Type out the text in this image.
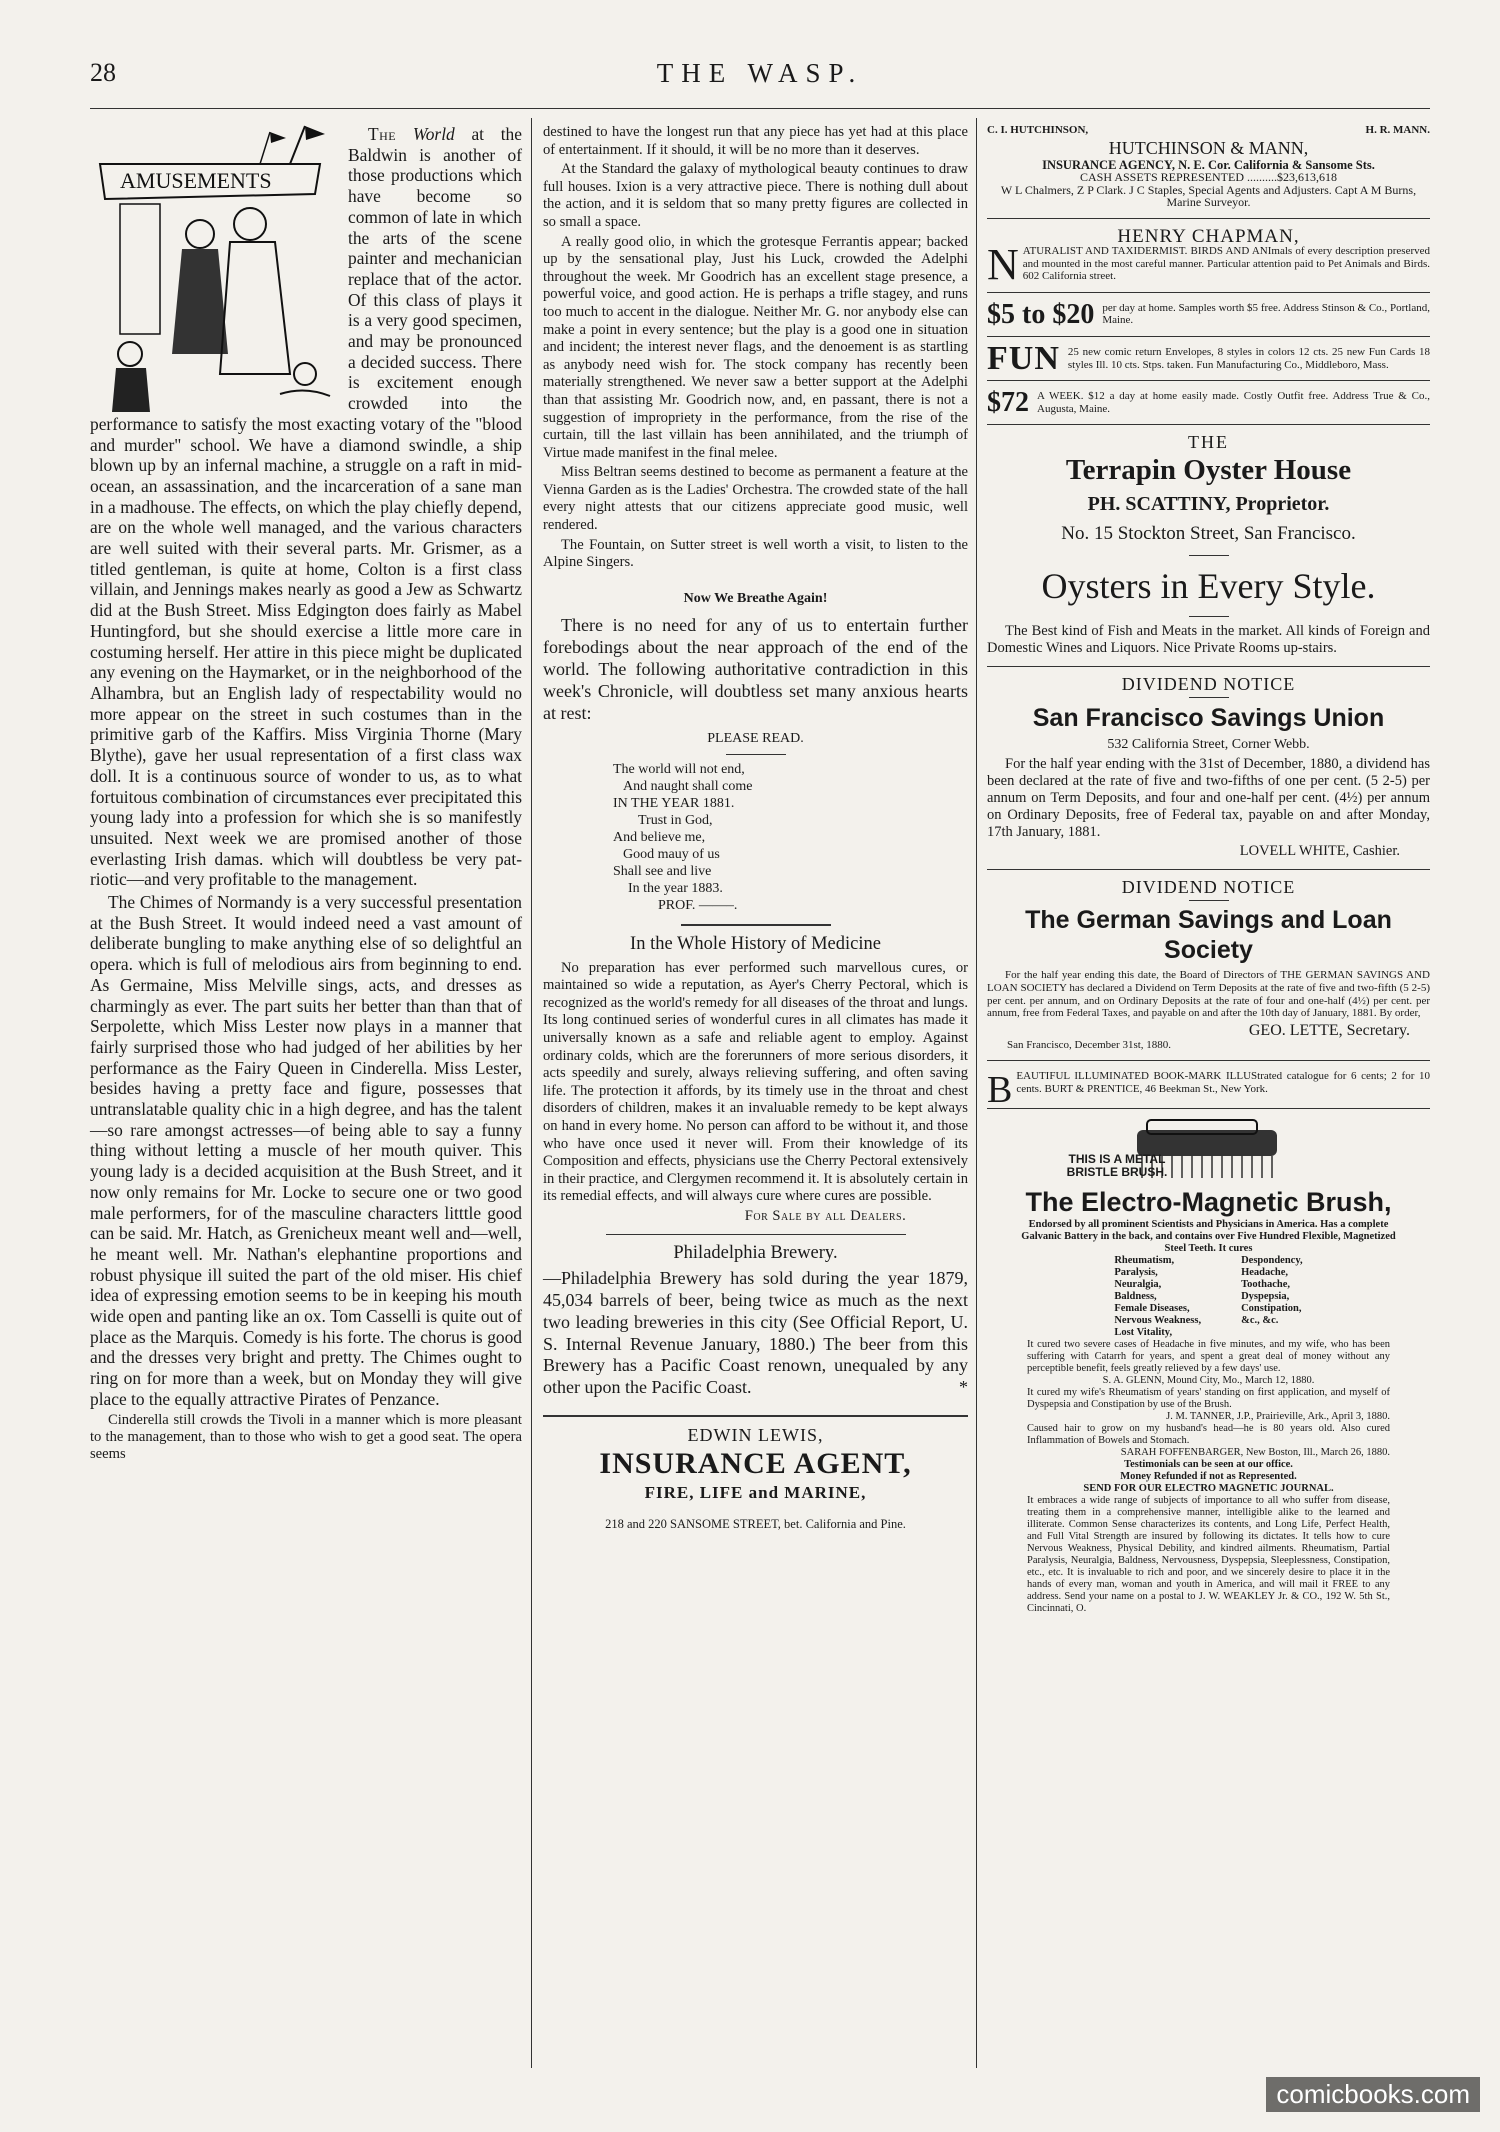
28	THE WASP.
AMUSEMENTS

The World at the Baldwin is another of those productions which have become so common of late in which the arts of the scene painter and mechanician replace that of the actor. Of this class of plays it is a very good specimen, and may be pronounced a decided success. There is excitement enough crowded into the performance to satisfy the most exacting votary of the "blood and murder" school. We have a diamond swindle, a ship blown up by an infernal machine, a struggle on a raft in mid-ocean, an assassination, and the incarceration of a sane man in a madhouse. The effects, on which the play chiefly depend, are on the whole well managed, and the various characters are well suited with their several parts. Mr. Grismer, as a titled gentleman, is quite at home, Colton is a first class villain, and Jennings makes nearly as good a Jew as Schwartz did at the Bush Street. Miss Edgington does fairly as Mabel Huntingford, but she should exercise a little more care in costuming herself. Her attire in this piece might be duplicated any evening on the Haymarket, or in the neighborhood of the Alhambra, but an English lady of respectability would no more appear on the street in such costumes than in the primitive garb of the Kaffirs. Miss Virginia Thorne (Mary Blythe), gave her usual representation of a first class wax doll. It is a continuous source of wonder to us, as to what fortuitous combination of circumstances ever precipitated this young lady into a profession for which she is so manifestly unsuited. Next week we are promised another of those everlasting Irish damas. which will doubtless be very pat-riotic—and very profitable to the management.

The Chimes of Normandy is a very successful presentation at the Bush Street. It would indeed need a vast amount of deliberate bungling to make anything else of so delightful an opera. which is full of melodious airs from beginning to end. As Germaine, Miss Melville sings, acts, and dresses as charmingly as ever. The part suits her better than than that of Serpolette, which Miss Lester now plays in a manner that fairly surprised those who had judged of her abilities by her performance as the Fairy Queen in Cinderella. Miss Lester, besides having a pretty face and figure, possesses that untranslatable quality chic in a high degree, and has the talent—so rare amongst actresses—of being able to say a funny thing without letting a muscle of her mouth quiver. This young lady is a decided acquisition at the Bush Street, and it now only remains for Mr. Locke to secure one or two good male performers, for of the masculine characters litttle good can be said. Mr. Hatch, as Grenicheux meant well and—well, he meant well. Mr. Nathan's elephantine proportions and robust physique ill suited the part of the old miser. His chief idea of expressing emotion seems to be in keeping his mouth wide open and panting like an ox. Tom Casselli is quite out of place as the Marquis. Comedy is his forte. The chorus is good and the dresses very bright and pretty. The Chimes ought to ring on for more than a week, but on Monday they will give place to the equally attractive Pirates of Penzance.

Cinderella still crowds the Tivoli in a manner which is more pleasant to the management, than to those who wish to get a good seat. The opera seems

destined to have the longest run that any piece has yet had at this place of entertainment. If it should, it will be no more than it deserves.

At the Standard the galaxy of mythological beauty continues to draw full houses. Ixion is a very attractive piece. There is nothing dull about the action, and it is seldom that so many pretty figures are collected in so small a space.

A really good olio, in which the grotesque Ferrantis appear; backed up by the sensational play, Just his Luck, crowded the Adelphi throughout the week. Mr Goodrich has an excellent stage presence, a powerful voice, and good action. He is perhaps a trifle stagey, and runs too much to accent in the dialogue. Neither Mr. G. nor anybody else can make a point in every sentence; but the play is a good one in situation and incident; the interest never flags, and the denoement is as startling as anybody need wish for. The stock company has recently been materially strengthened. We never saw a better support at the Adelphi than that assisting Mr. Goodrich now, and, en passant, there is not a suggestion of impropriety in the performance, from the rise of the curtain, till the last villain has been annihilated, and the triumph of Virtue made manifest in the final melee.

Miss Beltran seems destined to become as permanent a feature at the Vienna Garden as is the Ladies' Orchestra. The crowded state of the hall every night attests that our citizens appreciate good music, well rendered.

The Fountain, on Sutter street is well worth a visit, to listen to the Alpine Singers.

Now We Breathe Again!

There is no need for any of us to entertain further forebodings about the near approach of the end of the world. The following authoritative contradiction in this week's Chronicle, will doubtless set many anxious hearts at rest:

PLEASE READ.
The world will not end,
And naught shall come
IN THE YEAR 1881.
Trust in God,
And believe me,
Good mauy of us
Shall see and live
In the year 1883.
PROF. ——–.
In the Whole History of Medicine

No preparation has ever performed such marvellous cures, or maintained so wide a reputation, as Ayer's Cherry Pectoral, which is recognized as the world's remedy for all diseases of the throat and lungs. Its long continued series of wonderful cures in all climates has made it universally known as a safe and reliable agent to employ. Against ordinary colds, which are the forerunners of more serious disorders, it acts speedily and surely, always relieving suffering, and often saving life. The protection it affords, by its timely use in the throat and chest disorders of children, makes it an invaluable remedy to be kept always on hand in every home. No person can afford to be without it, and those who have once used it never will. From their knowledge of its Composition and effects, physicians use the Cherry Pectoral extensively in their practice, and Clergymen recommend it. It is absolutely certain in its remedial effects, and will always cure where cures are possible.

For Sale by all Dealers.
Philadelphia Brewery.

—Philadelphia Brewery has sold during the year 1879, 45,034 barrels of beer, being twice as much as the next two leading breweries in this city (See Official Report, U. S. Internal Revenue January, 1880.) The beer from this Brewery has a Pacific Coast renown, unequaled by any other upon the Pacific Coast.	*

EDWIN LEWIS,
INSURANCE AGENT,
FIRE, LIFE and MARINE,
218 and 220 SANSOME STREET, bet. California and Pine.
C. I. HUTCHINSON,	H. R. MANN.
HUTCHINSON & MANN,
INSURANCE AGENCY, N. E. Cor. California & Sansome Sts.
CASH ASSETS REPRESENTED ..........$23,613,618
W L Chalmers, Z P Clark. J C Staples, Special Agents and Adjusters. Capt A M Burns, Marine Surveyor.
HENRY CHAPMAN,
NATURALIST AND TAXIDERMIST. BIRDS AND ANImals of every description preserved and mounted in the most careful manner. Particular attention paid to Pet Animals and Birds. 602 California street.
$5 to $20 per day at home. Samples worth $5 free. Address Stinson & Co., Portland, Maine.
FUN 25 new comic return Envelopes, 8 styles in colors 12 cts. 25 new Fun Cards 18 styles Ill. 10 cts. Stps. taken. Fun Manufacturing Co., Middleboro, Mass.
$72 A WEEK. $12 a day at home easily made. Costly Outfit free. Address True & Co., Augusta, Maine.
THE
Terrapin Oyster House
PH. SCATTINY, Proprietor.
No. 15 Stockton Street, San Francisco.
Oysters in Every Style.

The Best kind of Fish and Meats in the market. All kinds of Foreign and Domestic Wines and Liquors. Nice Private Rooms up-stairs.

DIVIDEND NOTICE
San Francisco Savings Union
532 California Street, Corner Webb.

For the half year ending with the 31st of December, 1880, a dividend has been declared at the rate of five and two-fifths of one per cent. (5 2-5) per annum on Term Deposits, and four and one-half per cent. (4½) per annum on Ordinary Deposits, free of Federal tax, payable on and after Monday, 17th January, 1881.

LOVELL WHITE, Cashier.
DIVIDEND NOTICE
The German Savings and Loan Society

For the half year ending this date, the Board of Directors of THE GERMAN SAVINGS AND LOAN SOCIETY has declared a Dividend on Term Deposits at the rate of five and two-fifth (5 2-5) per cent. per annum, and on Ordinary Deposits at the rate of four and one-half (4½) per cent. per annum, free from Federal Taxes, and payable on and after the 10th day of January, 1881. By order,

GEO. LETTE, Secretary.
San Francisco, December 31st, 1880.
BEAUTIFUL ILLUMINATED BOOK-MARK ILLUStrated catalogue for 6 cents; 2 for 10 cents. BURT & PRENTICE, 46 Beekman St., New York.
THIS IS A METAL BRISTLE BRUSH.
The Electro-Magnetic Brush,
Endorsed by all prominent Scientists and Physicians in America. Has a complete Galvanic Battery in the back, and contains over Five Hundred Flexible, Magnetized Steel Teeth. It cures
Rheumatism,
Paralysis,
Neuralgia,
Baldness,
Female Diseases,
Nervous Weakness,
Lost Vitality,
Despondency,
Headache,
Toothache,
Dyspepsia,
Constipation,
&c., &c.
It cured two severe cases of Headache in five minutes, and my wife, who has been suffering with Catarrh for years, and spent a great deal of money without any perceptible benefit, feels greatly relieved by a few days' use.
S. A. GLENN, Mound City, Mo., March 12, 1880.
It cured my wife's Rheumatism of years' standing on first application, and myself of Dyspepsia and Constipation by use of the Brush.
J. M. TANNER, J.P., Prairieville, Ark., April 3, 1880.
Caused hair to grow on my husband's head—he is 80 years old. Also cured Inflammation of Bowels and Stomach.
SARAH FOFFENBARGER, New Boston, Ill., March 26, 1880.
Testimonials can be seen at our office.
Money Refunded if not as Represented.
SEND FOR OUR ELECTRO MAGNETIC JOURNAL.
It embraces a wide range of subjects of importance to all who suffer from disease, treating them in a comprehensive manner, intelligible alike to the learned and illiterate. Common Sense characterizes its contents, and Long Life, Perfect Health, and Full Vital Strength are insured by following its dictates. It tells how to cure Nervous Weakness, Physical Debility, and kindred ailments. Rheumatism, Partial Paralysis, Neuralgia, Baldness, Nervousness, Dyspepsia, Sleeplessness, Constipation, etc., etc. It is invaluable to rich and poor, and we sincerely desire to place it in the hands of every man, woman and youth in America, and will mail it FREE to any address. Send your name on a postal to J. W. WEAKLEY Jr. & CO., 192 W. 5th St., Cincinnati, O.
comicbooks.com
